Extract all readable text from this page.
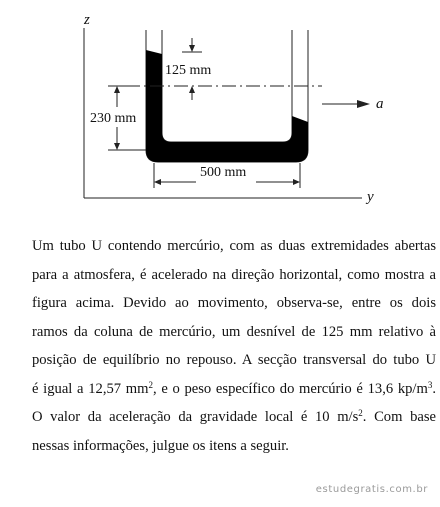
z
y
a
125 mm
230 mm
500 mm

Um tubo U contendo mercúrio, com as duas extremidades abertas
para a atmosfera, é acelerado na direção horizontal, como mostra a
figura acima. Devido ao movimento, observa-se, entre os dois
ramos da coluna de mercúrio, um desnível de 125 mm relativo à
posição de equilíbrio no repouso. A secção transversal do tubo U
é igual a 12,57 $mm^2$, e o peso específico do mercúrio é 13,6 $kp/m^3$.
O valor da aceleração da gravidade local é 10 $m/s^2$. Com base
nessas informações, julgue os itens a seguir.

estudegratis.com.br
